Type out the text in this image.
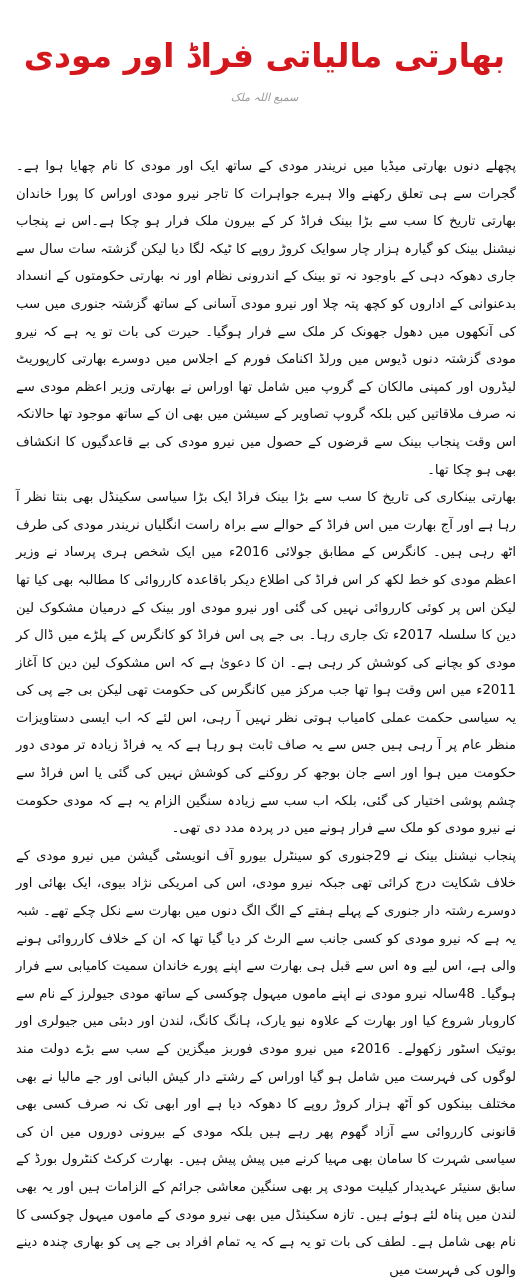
بھارتی مالیاتی فراڈ اور مودی
سمیع اللہ ملک

پچھلے دنوں بھارتی میڈیا میں نریندر مودی کے ساتھ ایک اور مودی کا نام چھایا ہوا ہے۔ گجرات سے ہی تعلق رکھنے والا ہیرے جواہرات کا تاجر نیرو مودی اوراس کا پورا خاندان بھارتی تاریخ کا سب سے بڑا بینک فراڈ کر کے بیرون ملک فرار ہو چکا ہے۔اس نے پنجاب نیشنل بینک کو گیارہ ہزار چار سوایک کروڑ روپے کا ٹیکہ لگا دیا لیکن گزشتہ سات سال سے جاری دھوکہ دہی کے باوجود نہ تو بینک کے اندرونی نظام اور نہ بھارتی حکومتوں کے انسداد بدعنوانی کے اداروں کو کچھ پتہ چلا اور نیرو مودی آسانی کے ساتھ گزشتہ جنوری میں سب کی آنکھوں میں دھول جھونک کر ملک سے فرار ہوگیا۔ حیرت کی بات تو یہ ہے کہ نیرو مودی گزشتہ دنوں ڈیوس میں ورلڈ اکنامک فورم کے اجلاس میں دوسرے بھارتی کارپوریٹ لیڈروں اور کمپنی مالکان کے گروپ میں شامل تھا اوراس نے بھارتی وزیر اعظم مودی سے نہ صرف ملاقاتیں کیں بلکہ گروپ تصاویر کے سیشن میں بھی ان کے ساتھ موجود تھا حالانکہ اس وقت پنجاب بینک سے قرضوں کے حصول میں نیرو مودی کی بے قاعدگیوں کا انکشاف بھی ہو چکا تھا۔

بھارتی بینکاری کی تاریخ کا سب سے بڑا بینک فراڈ ایک بڑا سیاسی سکینڈل بھی بنتا نظر آ رہا ہے اور آج بھارت میں اس فراڈ کے حوالے سے براہ راست انگلیاں نریندر مودی کی طرف اٹھ رہی ہیں۔ کانگرس کے مطابق جولائی 2016ء میں ایک شخص ہری پرساد نے وزیر اعظم مودی کو خط لکھ کر اس فراڈ کی اطلاع دیکر باقاعدہ کارروائی کا مطالبہ بھی کیا تھا لیکن اس پر کوئی کارروائی نہیں کی گئی اور نیرو مودی اور بینک کے درمیان مشکوک لین دین کا سلسلہ 2017ء تک جاری رہا۔ بی جے پی اس فراڈ کو کانگرس کے پلڑے میں ڈال کر مودی کو بچانے کی کوشش کر رہی ہے۔ ان کا دعویٰ ہے کہ اس مشکوک لین دین کا آغاز 2011ء میں اس وقت ہوا تھا جب مرکز میں کانگرس کی حکومت تھی لیکن بی جے پی کی یہ سیاسی حکمت عملی کامیاب ہوتی نظر نہیں آ رہی، اس لئے کہ اب ایسی دستاویزات منظر عام پر آ رہی ہیں جس سے یہ صاف ثابت ہو رہا ہے کہ یہ فراڈ زیادہ تر مودی دور حکومت میں ہوا اور اسے جان بوجھ کر روکنے کی کوشش نہیں کی گئی یا اس فراڈ سے چشم پوشی اختیار کی گئی، بلکہ اب سب سے زیادہ سنگین الزام یہ ہے کہ مودی حکومت نے نیرو مودی کو ملک سے فرار ہونے میں در پردہ مدد دی تھی۔

پنجاب نیشنل بینک نے 29جنوری کو سینٹرل بیورو آف انویسٹی گیشن میں نیرو مودی کے خلاف شکایت درج کرائی تھی جبکہ نیرو مودی، اس کی امریکی نژاد بیوی، ایک بھائی اور دوسرے رشتہ دار جنوری کے پہلے ہفتے کے الگ الگ دنوں میں بھارت سے نکل چکے تھے۔ شبہ یہ ہے کہ نیرو مودی کو کسی جانب سے الرٹ کر دیا گیا تھا کہ ان کے خلاف کارروائی ہونے والی ہے، اس لیے وہ اس سے قبل ہی بھارت سے اپنے پورے خاندان سمیت کامیابی سے فرار ہوگیا۔ 48سالہ نیرو مودی نے اپنے ماموں میہول چوکسی کے ساتھ مودی جیولرز کے نام سے کاروبار شروع کیا اور بھارت کے علاوہ نیو یارک، ہانگ کانگ، لندن اور دبئی میں جیولری اور بوتیک اسٹور زکھولے۔ 2016ء میں نیرو مودی فوربز میگزین کے سب سے بڑے دولت مند لوگوں کی فہرست میں شامل ہو گیا اوراس کے رشتے دار کیش البانی اور جے مالیا نے بھی مختلف بینکوں کو آٹھ ہزار کروڑ روپے کا دھوکہ دیا ہے اور ابھی تک نہ صرف کسی بھی قانونی کارروائی سے آزاد گھوم پھر رہے ہیں بلکہ مودی کے بیرونی دوروں میں ان کی سیاسی شہرت کا سامان بھی مہیا کرنے میں پیش پیش ہیں۔ بھارت کرکٹ کنٹرول بورڈ کے سابق سنیئر عہدیدار کیلیت مودی پر بھی سنگین معاشی جرائم کے الزامات ہیں اور یہ بھی لندن میں پناہ لئے ہوئے ہیں۔ تازہ سکینڈل میں بھی نیرو مودی کے ماموں میہول چوکسی کا نام بھی شامل ہے۔ لطف کی بات تو یہ ہے کہ یہ تمام افراد بی جے پی کو بھاری چندہ دینے والوں کی فہرست میں
